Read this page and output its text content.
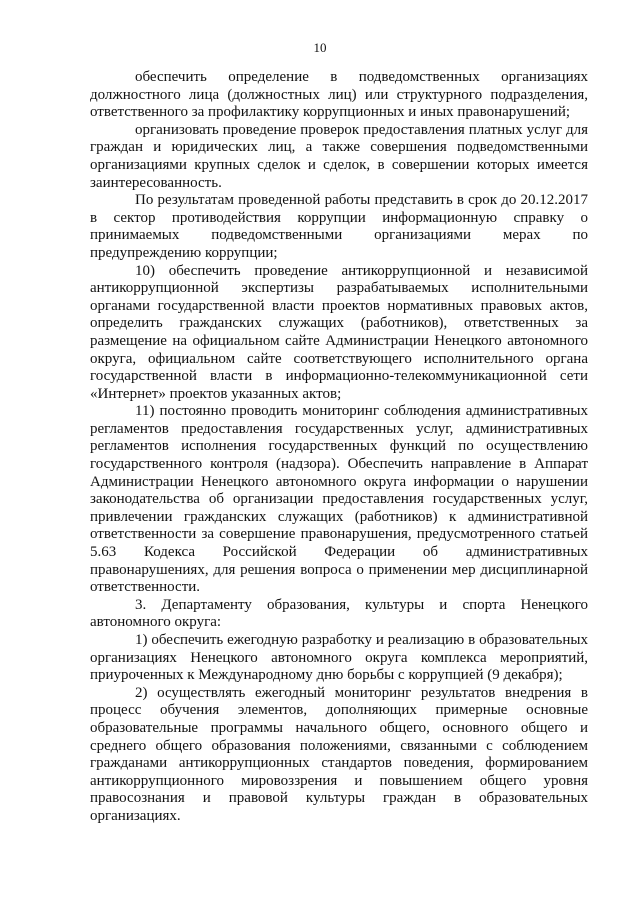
10

обеспечить определение в подведомственных организациях должностного лица (должностных лиц) или структурного подразделения, ответственного за профилактику коррупционных и иных правонарушений;

организовать проведение проверок предоставления платных услуг для граждан и юридических лиц, а также совершения подведомственными организациями крупных сделок и сделок, в совершении которых имеется заинтересованность.

По результатам проведенной работы представить в срок до 20.12.2017 в сектор противодействия коррупции информационную справку о принимаемых подведомственными организациями мерах по предупреждению коррупции;

10) обеспечить проведение антикоррупционной и независимой антикоррупционной экспертизы разрабатываемых исполнительными органами государственной власти проектов нормативных правовых актов, определить гражданских служащих (работников), ответственных за размещение на официальном сайте Администрации Ненецкого автономного округа, официальном сайте соответствующего исполнительного органа государственной власти в информационно-телекоммуникационной сети «Интернет» проектов указанных актов;

11) постоянно проводить мониторинг соблюдения административных регламентов предоставления государственных услуг, административных регламентов исполнения государственных функций по осуществлению государственного контроля (надзора). Обеспечить направление в Аппарат Администрации Ненецкого автономного округа информации о нарушении законодательства об организации предоставления государственных услуг, привлечении гражданских служащих (работников) к административной ответственности за совершение правонарушения, предусмотренного статьей 5.63 Кодекса Российской Федерации об административных правонарушениях, для решения вопроса о применении мер дисциплинарной ответственности.

3. Департаменту образования, культуры и спорта Ненецкого автономного округа:

1) обеспечить ежегодную разработку и реализацию в образовательных организациях Ненецкого автономного округа комплекса мероприятий, приуроченных к Международному дню борьбы с коррупцией (9 декабря);

2) осуществлять ежегодный мониторинг результатов внедрения в процесс обучения элементов, дополняющих примерные основные образовательные программы начального общего, основного общего и среднего общего образования положениями, связанными с соблюдением гражданами антикоррупционных стандартов поведения, формированием антикоррупционного мировоззрения и повышением общего уровня правосознания и правовой культуры граждан в образовательных организациях.
